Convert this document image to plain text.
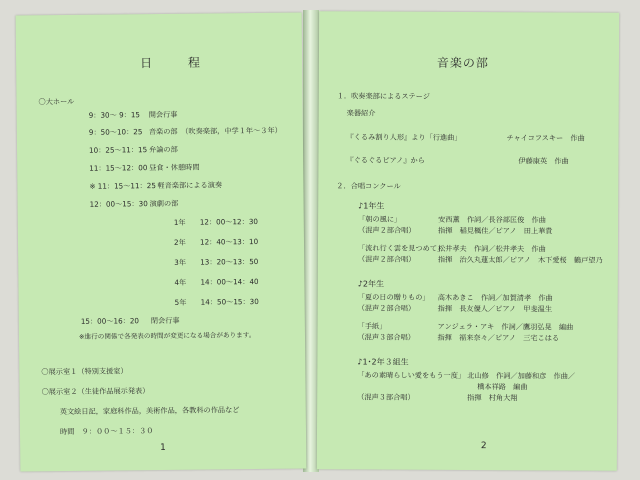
日 程
〇大ホール
9：30～ 9：15 開会行事
9：50～10：25 音楽の部　（吹奏楽部，中学１年～３年）
10：25～11：15 弁論の部
11：15～12：00 昼食・休憩時間
※ 11：15～11：25 軽音楽部による演奏
12：00～15：30 演劇の部
1年 12：00～12：30
2年 12：40～13：10
3年 13：20～13：50
4年 14：00～14：40
5年 14：50～15：30
15：00～16：20 閉会行事
※進行の関係で各発表の時間が変更になる場合があります。
〇展示室１（特別支援室）
〇展示室２（生徒作品展示発表）
英文絵日記，家庭科作品，美術作品，各教科の作品など
時間　９：００～１５：３０
1
音楽の部
１．吹奏楽部によるステージ
楽器紹介
『くるみ割り人形』より「行進曲」	チャイコフスキー　作曲
『ぐるぐるピアノ』から	伊藤康英　作曲
２．合唱コンクール
♪1年生
「朝の風に」	安西薫　作詞／長谷部匡俊　作曲
（混声２部合唱）	指揮　稲見楓佳／ピアノ　田上華貴
「流れ行く雲を見つめて」
松井孝夫　作詞／松井孝夫　作曲
（混声２部合唱）	指揮　治久丸蓮太郎／ピアノ　木下愛桜　鶴戸望乃
♪2年生
「夏の日の贈りもの」 高木あきこ　作詞／加賀清孝　作曲
（混声２部合唱）	指揮　長友優人／ピアノ　甲斐温生
「手紙」	アンジェラ・アキ　作詞／鷹羽弘晃　編曲
（混声３部合唱）	指揮　福来奈々／ピアノ　三宅こはる
♪1･2年３組生
「あの素晴らしい愛をもう一度」 北山修　作詞／加藤和彦　作曲／
橋本祥路　編曲
（混声３部合唱）	指揮　村角大翔
2
